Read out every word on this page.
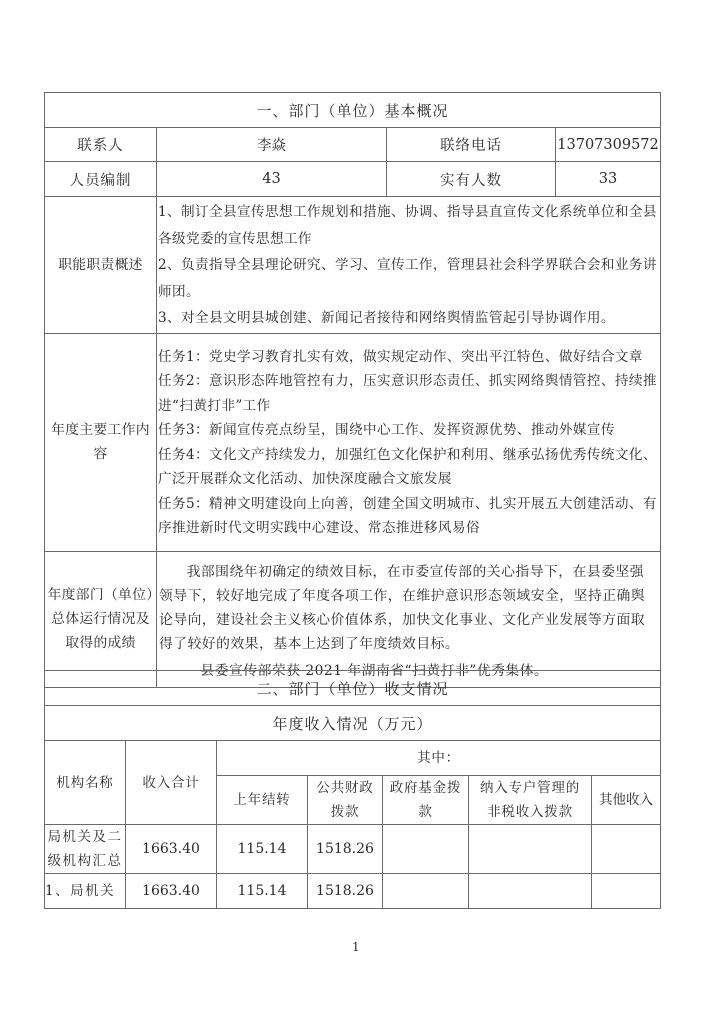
一、部门（单位）基本概况			
联系人	李焱	联络电话	13707309572
人员编制	43	实有人数	33
职能职责概述	1、制订全县宣传思想工作规划和措施、协调、指导县直宣传文化系统单位和全县各级党委的宣传思想工作
2、负责指导全县理论研究、学习、宣传工作，管理县社会科学界联合会和业务讲师团。
3、对全县文明县城创建、新闻记者接待和网络舆情监管起引导协调作用。		

年度主要工作内容	任务1：党史学习教育扎实有效，做实规定动作、突出平江特色、做好结合文章
任务2：意识形态阵地管控有力，压实意识形态责任、抓实网络舆情管控、持续推进“扫黄打非”工作
任务3：新闻宣传亮点纷呈，围绕中心工作、发挥资源优势、推动外媒宣传
任务4：文化文产持续发力，加强红色文化保护和利用、继承弘扬优秀传统文化、广泛开展群众文化活动、加快深度融合文旅发展
任务5：精神文明建设向上向善，创建全国文明城市、扎实开展五大创建活动、有序推进新时代文明实践中心建设、常态推进移风易俗		

年度部门（单位）总体运行情况及取得的成绩	我部围绕年初确定的绩效目标，在市委宣传部的关心指导下，在县委坚强领导下，较好地完成了年度各项工作，在维护意识形态领域安全，坚持正确舆论导向，建设社会主义核心价值体系，加快文化事业、文化产业发展等方面取得了较好的效果，基本上达到了年度绩效目标。
县委宣传部荣获 2021 年湖南省“扫黄打非”优秀集体。		
二、部门（单位）收支情况						
年度收入情况（万元）						
机构名称	收入合计	其中：				
		上年结转	公共财政拨款	政府基金拨款	纳入专户管理的非税收入拨款	其他收入
局机关及二级机构汇总	1663.40	115.14	1518.26			
1、局机关	1663.40	115.14	1518.26			
1
